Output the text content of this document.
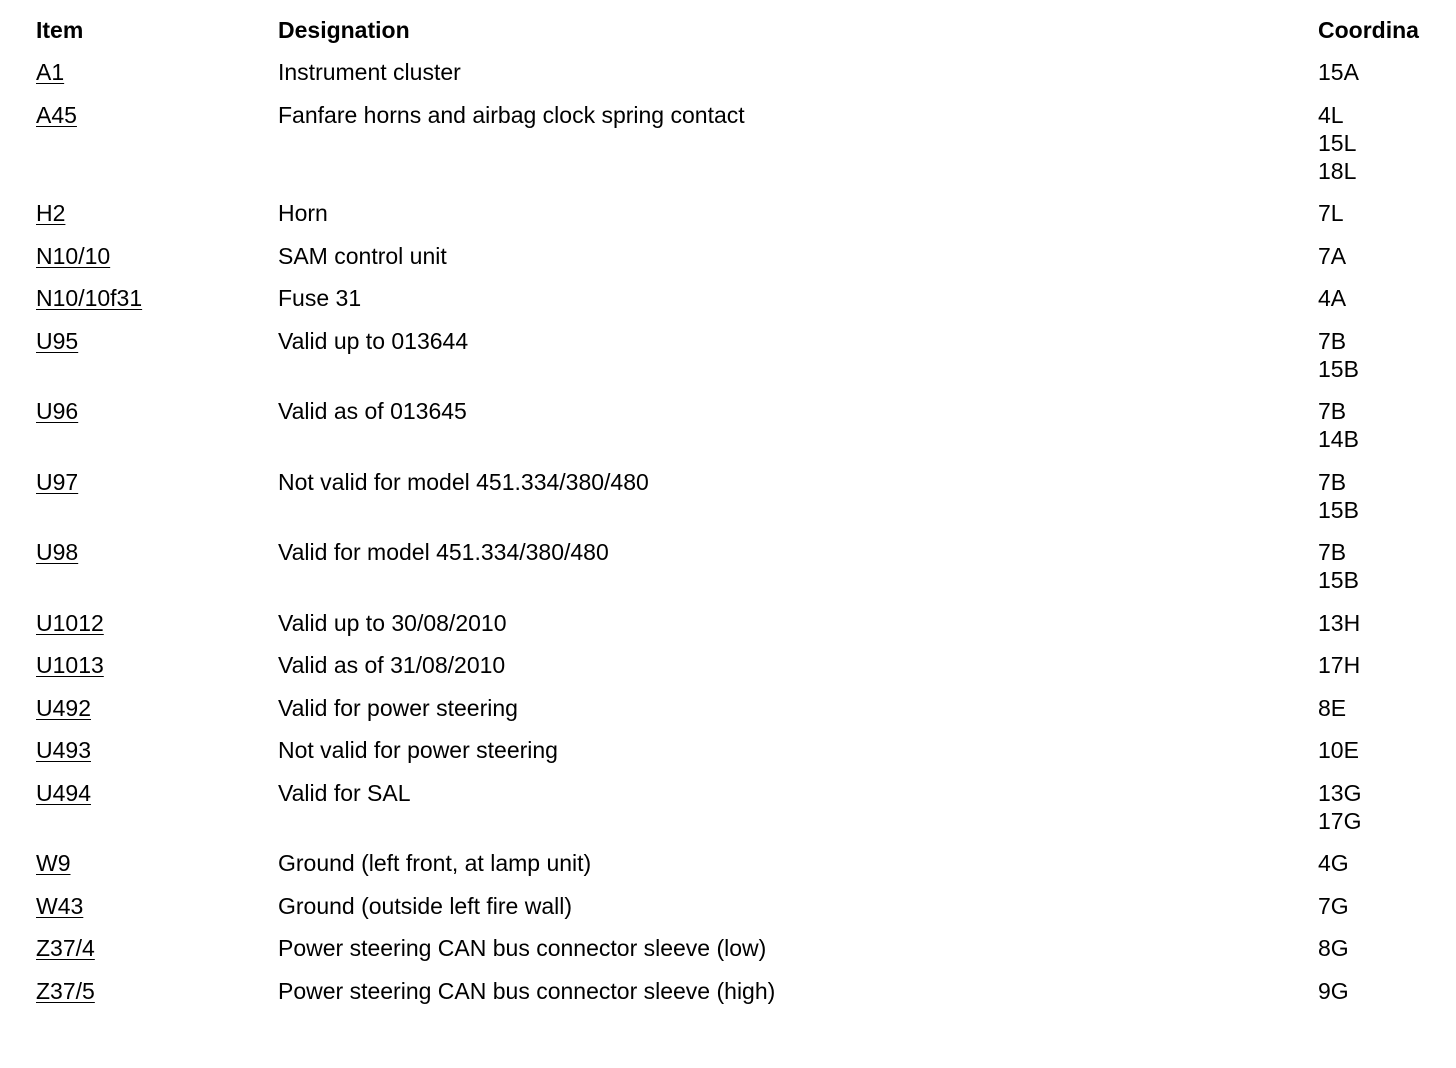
Item	Designation	Coordina
A1	Instrument cluster	15A
A45	Fanfare horns and airbag clock spring contact	4L
15L
18L
H2	Horn	7L
N10/10	SAM control unit	7A
N10/10f31	Fuse 31	4A
U95	Valid up to 013644	7B
15B
U96	Valid as of 013645	7B
14B
U97	Not valid for model 451.334/380/480	7B
15B
U98	Valid for model 451.334/380/480	7B
15B
U1012	Valid up to 30/08/2010	13H
U1013	Valid as of 31/08/2010	17H
U492	Valid for power steering	8E
U493	Not valid for power steering	10E
U494	Valid for SAL	13G
17G
W9	Ground (left front, at lamp unit)	4G
W43	Ground (outside left fire wall)	7G
Z37/4	Power steering CAN bus connector sleeve (low)	8G
Z37/5	Power steering CAN bus connector sleeve (high)	9G
